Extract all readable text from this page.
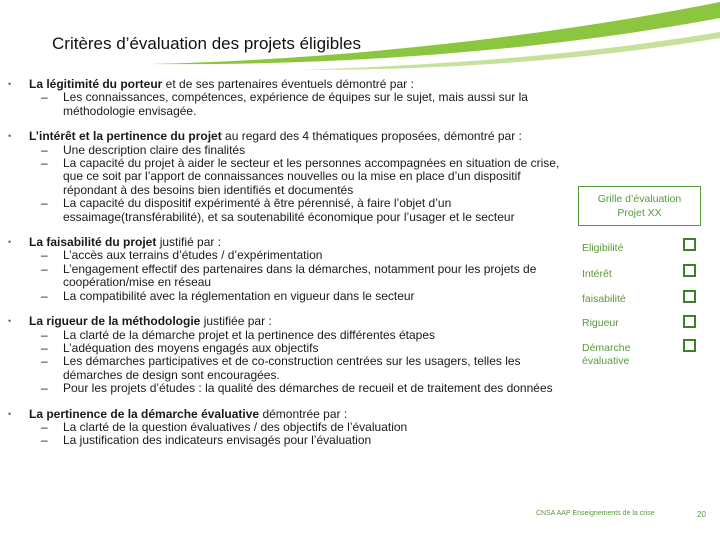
Critères d’évaluation des projets éligibles
• La légitimité du porteur et de ses partenaires éventuels démontré par :

– Les connaissances, compétences, expérience de équipes sur le sujet, mais aussi sur la méthodologie envisagée.
• L’intérêt et la pertinence du projet au regard des 4 thématiques proposées, démontré par :

– Une description claire des finalités
– La capacité du projet à aider le secteur et les personnes accompagnées en situation de crise, que ce soit par l’apport de connaissances nouvelles ou la mise en place d’un dispositif répondant à des besoins bien identifiés et documentés
– La capacité du dispositif expérimenté à être pérennisé, à faire l’objet d’un essaimage(transférabilité), et sa soutenabilité économique pour l’usager et le secteur
• La faisabilité du projet justifié par :

– L’accès aux terrains d’études / d’expérimentation
– L’engagement effectif des partenaires dans la démarches, notamment pour les projets de coopération/mise en réseau
– La compatibilité avec la réglementation en vigueur dans le secteur
• La rigueur de la méthodologie justifiée par :

– La clarté de la démarche projet et la pertinence des différentes étapes
– L’adéquation des moyens engagés aux objectifs
– Les démarches participatives et de co-construction centrées sur les usagers, telles les démarches de design sont encouragées.
– Pour les projets d’études : la qualité des démarches de recueil et de traitement des données
• La pertinence de la démarche évaluative démontrée par :

– La clarté de la question évaluatives / des objectifs de l’évaluation
– La justification des indicateurs envisagés pour l’évaluation
Grille d’évaluation
Projet XX
Eligibilité
Intérêt
faisabilité
Rigueur
Démarche
évaluative
CNSA AAP Enseignements de la crise	20
